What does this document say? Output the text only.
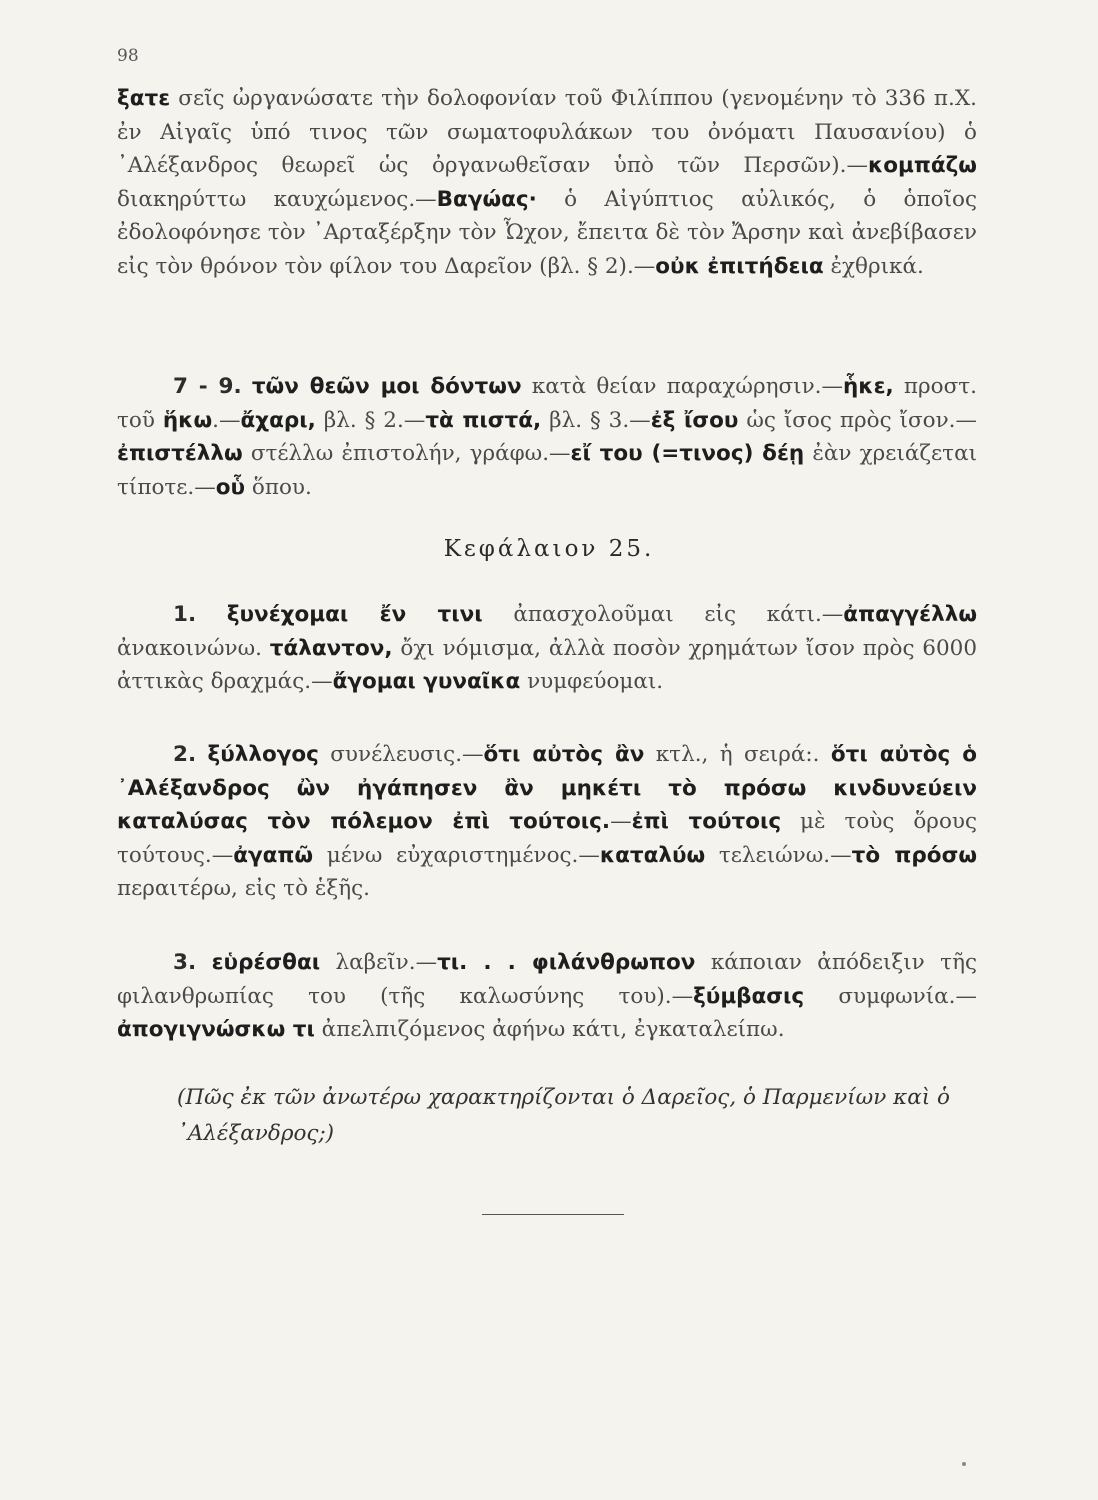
98

ξατε σεῖς ὠργανώσατε τὴν δολοφονίαν τοῦ Φιλίππου (γενομένην τὸ 336 π.Χ. ἐν Αἰγαῖς ὑπό τινος τῶν σωματοφυλάκων του ὀνόματι Παυσανίου) ὁ ᾿Αλέξανδρος θεωρεῖ ὡς ὀργανωθεῖσαν ὑπὸ τῶν Περσῶν).—κομπάζω διακηρύττω καυχώμενος.—Βαγώας· ὁ Αἰγύπτιος αὐλικός, ὁ ὁποῖος ἐδολοφόνησε τὸν ᾿Αρταξέρξην τὸν Ὦχον, ἔπειτα δὲ τὸν Ἄρσην καὶ ἀνεβίβασεν εἰς τὸν θρόνον τὸν φίλον του Δαρεῖον (βλ. § 2).—οὐκ ἐπιτήδεια ἐχθρικά.

7 - 9. τῶν θεῶν μοι δόντων κατὰ θείαν παραχώρησιν.—ἧκε, προστ. τοῦ ἥκω.—ἄχαρι, βλ. § 2.—τὰ πιστά, βλ. § 3.—ἐξ ἴσου ὡς ἴσος πρὸς ἴσον.—ἐπιστέλλω στέλλω ἐπιστολήν, γράφω.—εἴ του (=τινος) δέῃ ἐὰν χρειάζεται τίποτε.—οὗ ὅπου.

Κεφάλαιον 25.

1. ξυνέχομαι ἔν τινι ἀπασχολοῦμαι εἰς κάτι.—ἀπαγγέλλω ἀνακοινώνω. τάλαντον, ὄχι νόμισμα, ἀλλὰ ποσὸν χρημάτων ἴσον πρὸς 6000 ἀττικὰς δραχμάς.—ἄγομαι γυναῖκα νυμφεύομαι.

2. ξύλλογος συνέλευσις.—ὅτι αὐτὸς ἂν κτλ., ἡ σειρά:. ὅτι αὐτὸς ὁ ᾿Αλέξανδρος ὢν ἠγάπησεν ἂν μηκέτι τὸ πρόσω κινδυνεύειν καταλύσας τὸν πόλεμον ἐπὶ τούτοις.—ἐπὶ τούτοις μὲ τοὺς ὅρους τούτους.—ἀγαπῶ μένω εὐχαριστημένος.—καταλύω τελειώνω.—τὸ πρόσω περαιτέρω, εἰς τὸ ἑξῆς.

3. εὑρέσθαι λαβεῖν.—τι. . . φιλάνθρωπον κάποιαν ἀπόδειξιν τῆς φιλανθρωπίας του (τῆς καλωσύνης του).—ξύμβασις συμφωνία.—ἀπογιγνώσκω τι ἀπελπιζόμενος ἀφήνω κάτι, ἐγκαταλείπω.

(Πῶς ἐκ τῶν ἀνωτέρω χαρακτηρίζονται ὁ Δαρεῖος, ὁ Παρμενίων καὶ ὁ ᾿Αλέξανδρος;)
